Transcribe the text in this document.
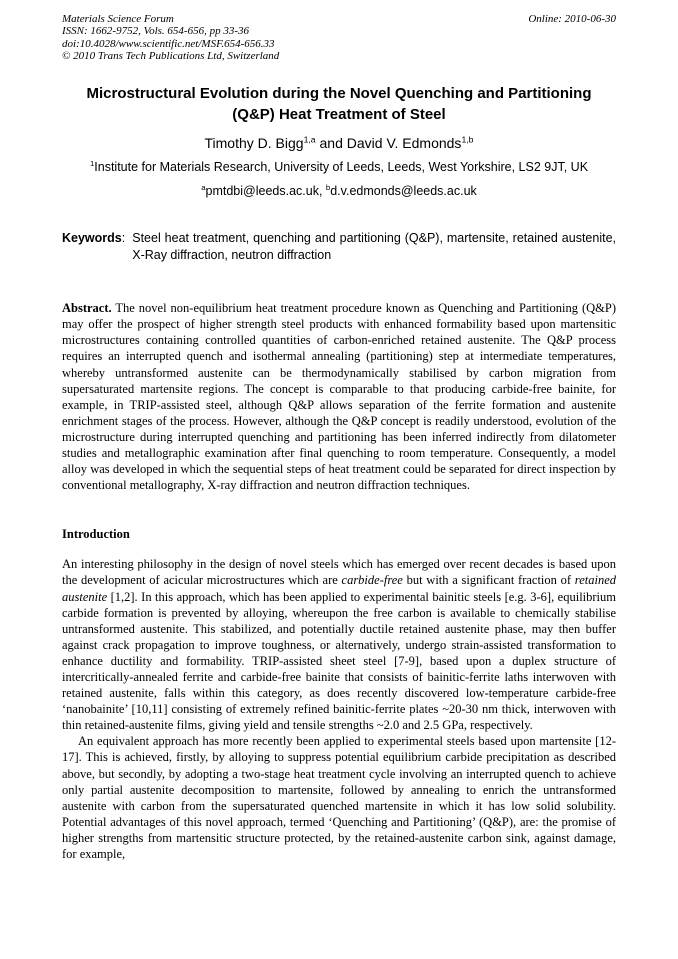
Materials Science Forum
ISSN: 1662-9752, Vols. 654-656, pp 33-36
doi:10.4028/www.scientific.net/MSF.654-656.33
© 2010 Trans Tech Publications Ltd, Switzerland
Online: 2010-06-30
Microstructural Evolution during the Novel Quenching and Partitioning
(Q&P) Heat Treatment of Steel
Timothy D. Bigg$^{1,a}$ and David V. Edmonds$^{1,b}$
$^1$Institute for Materials Research, University of Leeds, Leeds, West Yorkshire, LS2 9JT, UK
$^a$pmtdbi@leeds.ac.uk, $^b$d.v.edmonds@leeds.ac.uk
Keywords: Steel heat treatment, quenching and partitioning (Q&P), martensite, retained austenite, X-Ray diffraction, neutron diffraction

Abstract. The novel non-equilibrium heat treatment procedure known as Quenching and Partitioning (Q&P) may offer the prospect of higher strength steel products with enhanced formability based upon martensitic microstructures containing controlled quantities of carbon-enriched retained austenite. The Q&P process requires an interrupted quench and isothermal annealing (partitioning) step at intermediate temperatures, whereby untransformed austenite can be thermodynamically stabilised by carbon migration from supersaturated martensite regions. The concept is comparable to that producing carbide-free bainite, for example, in TRIP-assisted steel, although Q&P allows separation of the ferrite formation and austenite enrichment stages of the process. However, although the Q&P concept is readily understood, evolution of the microstructure during interrupted quenching and partitioning has been inferred indirectly from dilatometer studies and metallographic examination after final quenching to room temperature. Consequently, a model alloy was developed in which the sequential steps of heat treatment could be separated for direct inspection by conventional metallography, X-ray diffraction and neutron diffraction techniques.

Introduction

An interesting philosophy in the design of novel steels which has emerged over recent decades is based upon the development of acicular microstructures which are carbide-free but with a significant fraction of retained austenite [1,2]. In this approach, which has been applied to experimental bainitic steels [e.g. 3-6], equilibrium carbide formation is prevented by alloying, whereupon the free carbon is available to chemically stabilise untransformed austenite. This stabilized, and potentially ductile retained austenite phase, may then buffer against crack propagation to improve toughness, or alternatively, undergo strain-assisted transformation to enhance ductility and formability. TRIP-assisted sheet steel [7-9], based upon a duplex structure of intercritically-annealed ferrite and carbide-free bainite that consists of bainitic-ferrite laths interwoven with retained austenite, falls within this category, as does recently discovered low-temperature carbide-free ‘nanobainite’ [10,11] consisting of extremely refined bainitic-ferrite plates ~20-30 nm thick, interwoven with thin retained-austenite films, giving yield and tensile strengths ~2.0 and 2.5 GPa, respectively.

An equivalent approach has more recently been applied to experimental steels based upon martensite [12-17]. This is achieved, firstly, by alloying to suppress potential equilibrium carbide precipitation as described above, but secondly, by adopting a two-stage heat treatment cycle involving an interrupted quench to achieve only partial austenite decomposition to martensite, followed by annealing to enrich the untransformed austenite with carbon from the supersaturated quenched martensite in which it has low solid solubility. Potential advantages of this novel approach, termed ‘Quenching and Partitioning’ (Q&P), are: the promise of higher strengths from martensitic structure protected, by the retained-austenite carbon sink, against damage, for example,
